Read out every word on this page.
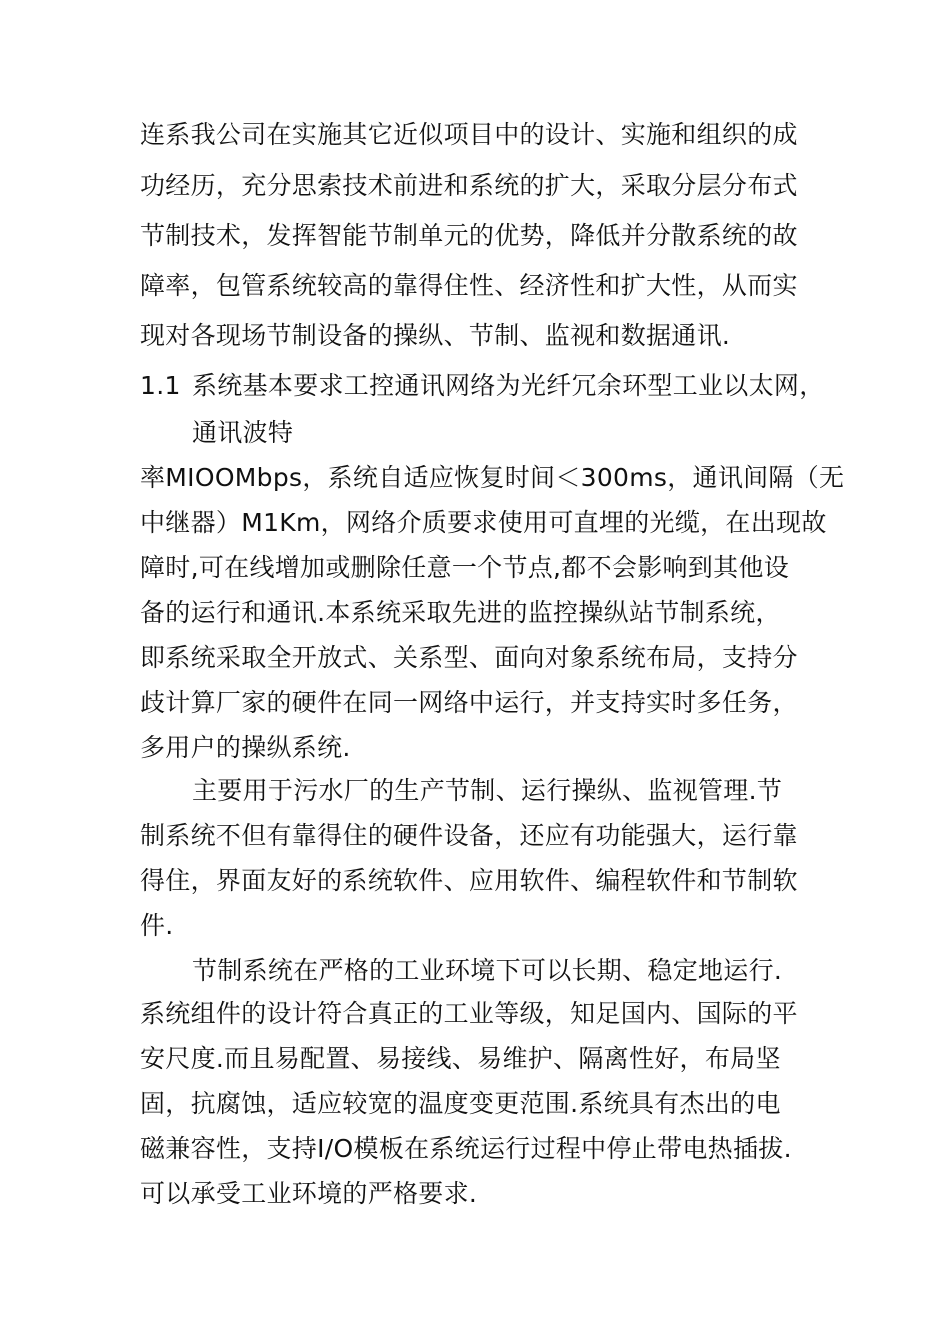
连系我公司在实施其它近似项目中的设计、实施和组织的成
功经历，充分思索技术前进和系统的扩大，采取分层分布式
节制技术，发挥智能节制单元的优势，降低并分散系统的故
障率，包管系统较高的靠得住性、经济性和扩大性，从而实
现对各现场节制设备的操纵、节制、监视和数据通讯.
1.1 系统基本要求工控通讯网络为光纤冗余环型工业以太网，
通讯波特
率MIOOMbps，系统自适应恢复时间＜300ms，通讯间隔（无
中继器）M1Km，网络介质要求使用可直埋的光缆，在出现故
障时,可在线增加或删除任意一个节点,都不会影响到其他设
备的运行和通讯.本系统采取先进的监控操纵站节制系统，
即系统采取全开放式、关系型、面向对象系统布局，支持分
歧计算厂家的硬件在同一网络中运行，并支持实时多任务，
多用户的操纵系统.
主要用于污水厂的生产节制、运行操纵、监视管理.节
制系统不但有靠得住的硬件设备，还应有功能强大，运行靠
得住，界面友好的系统软件、应用软件、编程软件和节制软
件.
节制系统在严格的工业环境下可以长期、稳定地运行.
系统组件的设计符合真正的工业等级，知足国内、国际的平
安尺度.而且易配置、易接线、易维护、隔离性好，布局坚
固，抗腐蚀，适应较宽的温度变更范围.系统具有杰出的电
磁兼容性，支持I/O模板在系统运行过程中停止带电热插拔.
可以承受工业环境的严格要求.
